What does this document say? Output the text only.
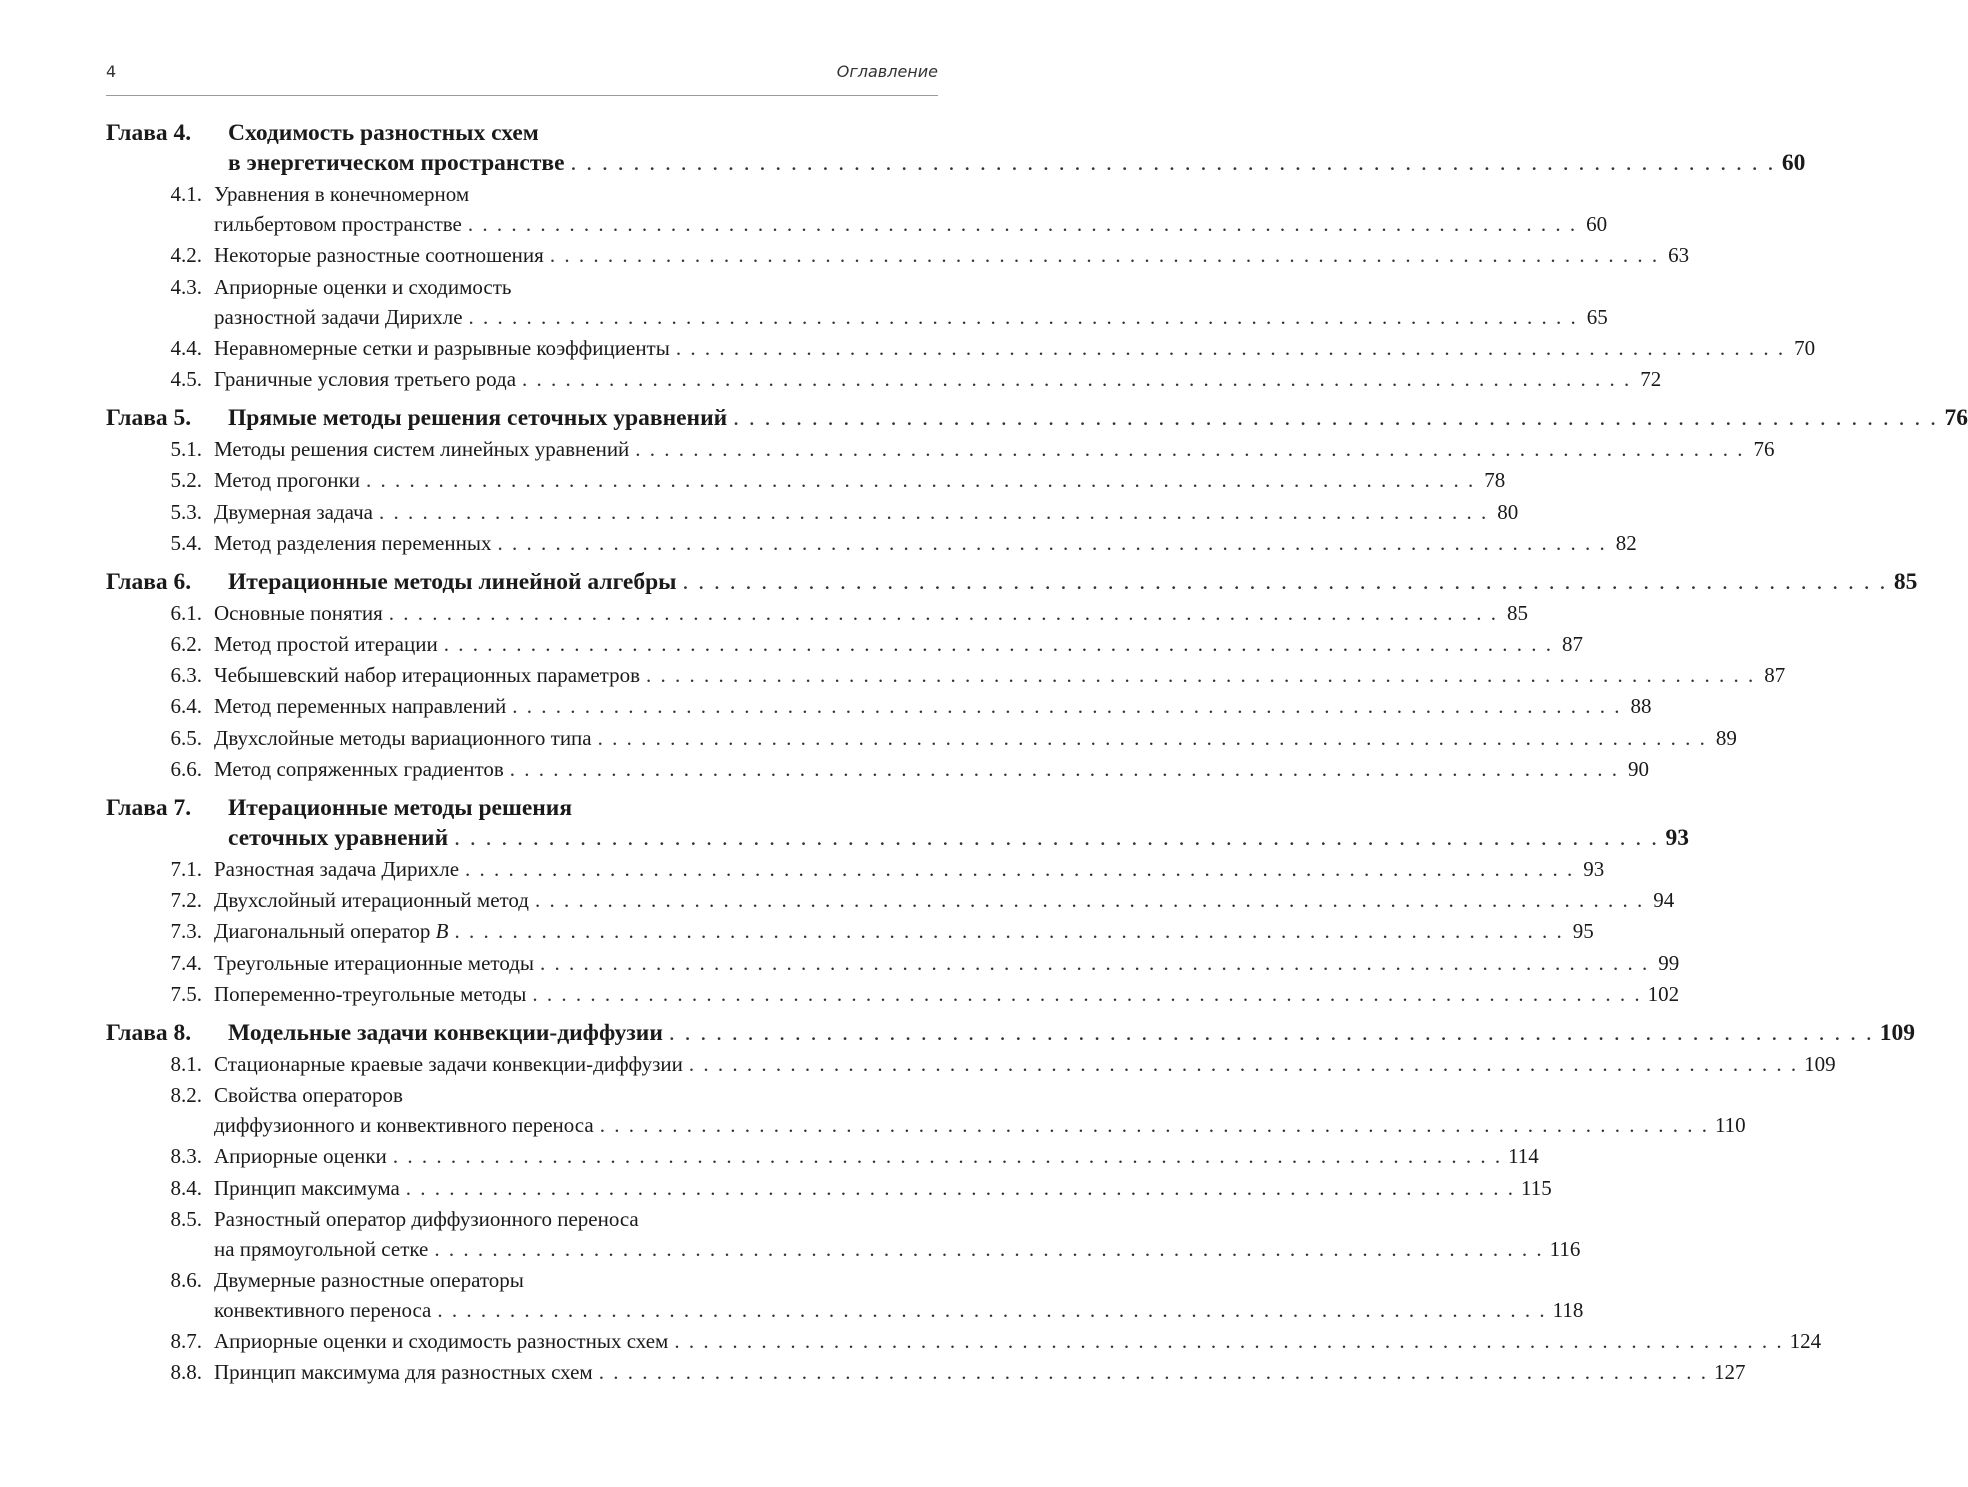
4	Оглавление
Глава 4.	Сходимость разностных схем
в энергетическом пространстве . . .	60
4.1. Уравнения в конечномерном
гильбертовом пространстве . . .	60
4.2. Некоторые разностные соотношения . . .	63
4.3. Априорные оценки и сходимость
разностной задачи Дирихле . . .	65
4.4. Неравномерные сетки и разрывные коэффициенты . . .	70
4.5. Граничные условия третьего рода . . .	72
Глава 5.	Прямые методы решения сеточных уравнений . . .	76
5.1. Методы решения систем линейных уравнений . . .	76
5.2. Метод прогонки . . .	78
5.3. Двумерная задача . . .	80
5.4. Метод разделения переменных . . .	82
Глава 6.	Итерационные методы линейной алгебры . . .	85
6.1. Основные понятия . . .	85
6.2. Метод простой итерации . . .	87
6.3. Чебышевский набор итерационных параметров . . .	87
6.4. Метод переменных направлений . . .	88
6.5. Двухслойные методы вариационного типа . . .	89
6.6. Метод сопряженных градиентов . . .	90
Глава 7.	Итерационные методы решения
сеточных уравнений . . .	93
7.1. Разностная задача Дирихле . . .	93
7.2. Двухслойный итерационный метод . . .	94
7.3. Диагональный оператор
B . . .	95
7.4. Треугольные итерационные методы . . .	99
7.5. Попеременно-треугольные методы . . .	102
Глава 8.	Модельные задачи конвекции-диффузии . . .	109
8.1. Стационарные краевые задачи конвекции-диффузии . . .	109
8.2. Свойства операторов
диффузионного и конвективного переноса . . .	110
8.3. Априорные оценки . . .	114
8.4. Принцип максимума . . .	115
8.5. Разностный оператор диффузионного переноса
на прямоугольной сетке . . .	116
8.6. Двумерные разностные операторы
конвективного переноса . . .	118
8.7. Априорные оценки и сходимость разностных схем . . .	124
8.8. Принцип максимума для разностных схем . . .	127
